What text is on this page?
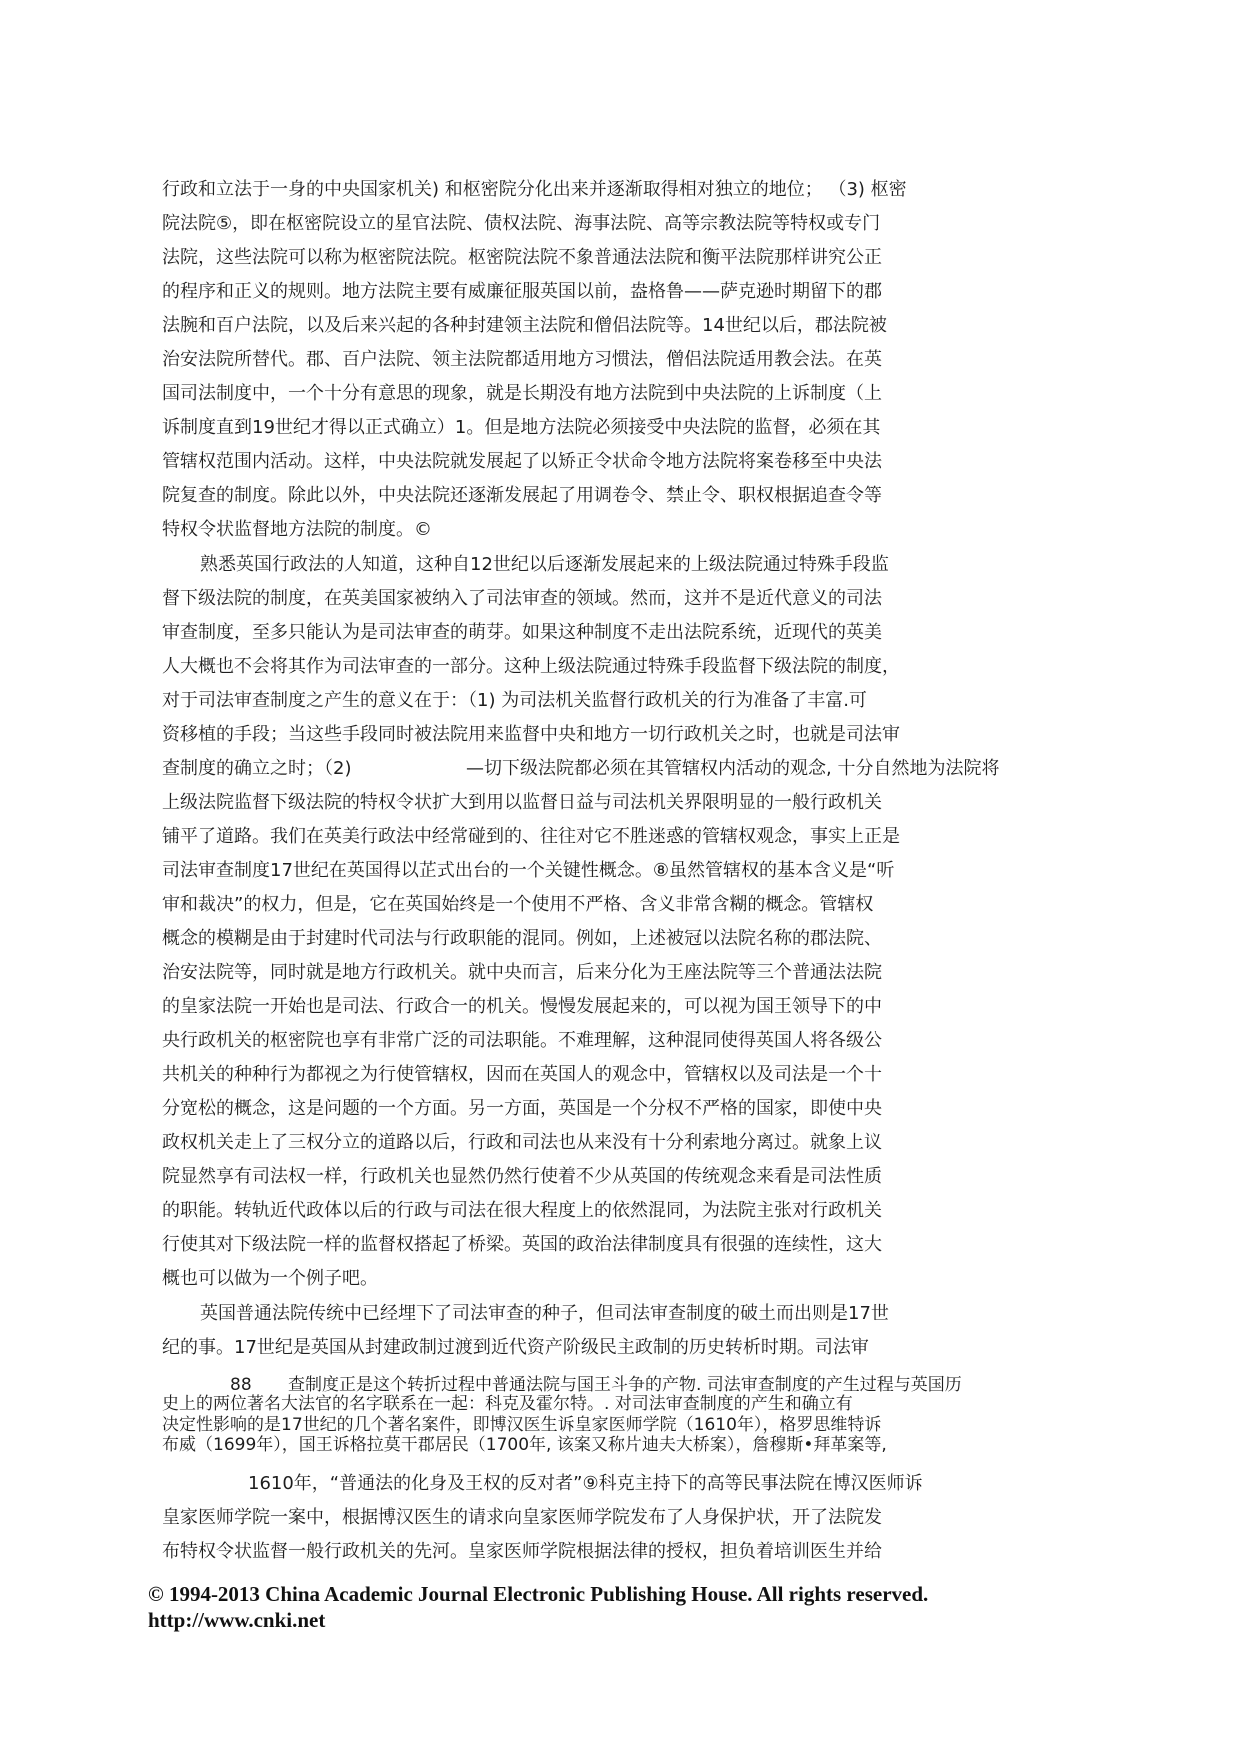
行政和立法于一身的中央国家机关) 和枢密院分化出来并逐渐取得相对独立的地位； （3) 枢密
院法院⑤，即在枢密院设立的星官法院、债权法院、海事法院、高等宗教法院等特权或专门
法院，这些法院可以称为枢密院法院。枢密院法院不象普通法法院和衡平法院那样讲究公正
的程序和正义的规则。地方法院主要有威廉征服英国以前，盎格鲁——萨克逊时期留下的郡
法腕和百户法院，以及后来兴起的各种封建领主法院和僧侣法院等。14世纪以后，郡法院被
治安法院所替代。郡、百户法院、领主法院都适用地方习惯法，僧侣法院适用教会法。在英
国司法制度中，一个十分有意思的现象，就是长期没有地方法院到中央法院的上诉制度（上
诉制度直到19世纪才得以正式确立）1。但是地方法院必须接受中央法院的监督，必须在其
管辖权范围内活动。这样，中央法院就发展起了以矫正令状命令地方法院将案卷移至中央法
院复查的制度。除此以外，中央法院还逐渐发展起了用调卷令、禁止令、职权根据追查令等
特权令状监督地方法院的制度。©
熟悉英国行政法的人知道，这种自12世纪以后逐渐发展起来的上级法院通过特殊手段监
督下级法院的制度，在英美国家被纳入了司法审查的领域。然而，这并不是近代意义的司法
审查制度，至多只能认为是司法审查的萌芽。如果这种制度不走出法院系统，近现代的英美
人大概也不会将其作为司法审查的一部分。这种上级法院通过特殊手段监督下级法院的制度，
对于司法审查制度之产生的意义在于：（1) 为司法机关监督行政机关的行为准备了丰富.可
资移植的手段；当这些手段同时被法院用来监督中央和地方一切行政机关之时，也就是司法审
查制度的确立之时；（2)	—切下级法院都必须在其管辖权内活动的观念, 十分自然地为法院将
上级法院监督下级法院的特权令状扩大到用以监督日益与司法机关界限明显的一般行政机关
铺平了道路。我们在英美行政法中经常碰到的、往往对它不胜迷惑的管辖权观念，事实上正是
司法审查制度17世纪在英国得以芷式出台的一个关键性概念。⑧虽然管辖权的基本含义是“听
审和裁决”的权力，但是，它在英国始终是一个使用不严格、含义非常含糊的概念。管辖权
概念的模糊是由于封建时代司法与行政职能的混同。例如，上述被冠以法院名称的郡法院、
治安法院等，同时就是地方行政机关。就中央而言，后来分化为王座法院等三个普通法法院
的皇家法院一开始也是司法、行政合一的机关。慢慢发展起来的，可以视为国王领导下的中
央行政机关的枢密院也享有非常广泛的司法职能。不难理解，这种混同使得英国人将各级公
共机关的种种行为都视之为行使管辖权，因而在英国人的观念中，管辖权以及司法是一个十
分宽松的概念，这是问题的一个方面。另一方面，英国是一个分权不严格的国家，即使中央
政权机关走上了三权分立的道路以后，行政和司法也从来没有十分利索地分离过。就象上议
院显然享有司法权一样，行政机关也显然仍然行使着不少从英国的传统观念来看是司法性质
的职能。转轨近代政体以后的行政与司法在很大程度上的依然混同，为法院主张对行政机关
行使其对下级法院一样的监督权搭起了桥梁。英国的政治法律制度具有很强的连续性，这大
概也可以做为一个例子吧。
英国普通法院传统中已经埋下了司法审查的种子，但司法审查制度的破土而出则是17世
纪的事。17世纪是英国从封建政制过渡到近代资产阶级民主政制的历史转析时期。司法审
88 查制度正是这个转折过程中普通法院与国王斗争的产物. 司法审查制度的产生过程与英国历
史上的两位著名大法官的名字联系在一起：科克及霍尔特。. 对司法审查制度的产生和确立有
决定性影响的是17世纪的几个著名案件，即博汉医生诉皇家医师学院（1610年），格罗思维特诉
布威（1699年），国王诉格拉莫干郡居民（1700年, 该案又称片迪夫大桥案），詹穆斯•拜革案等,
1610年，“普通法的化身及王权的反对者”⑨科克主持下的高等民事法院在博汉医师诉
皇家医师学院一案中，根据博汉医生的请求向皇家医师学院发布了人身保护状，开了法院发
布特权令状监督一般行政机关的先河。皇家医师学院根据法律的授权，担负着培训医生并给
© 1994-2013 China Academic Journal Electronic Publishing House. All rights reserved.
http://www.cnki.net
